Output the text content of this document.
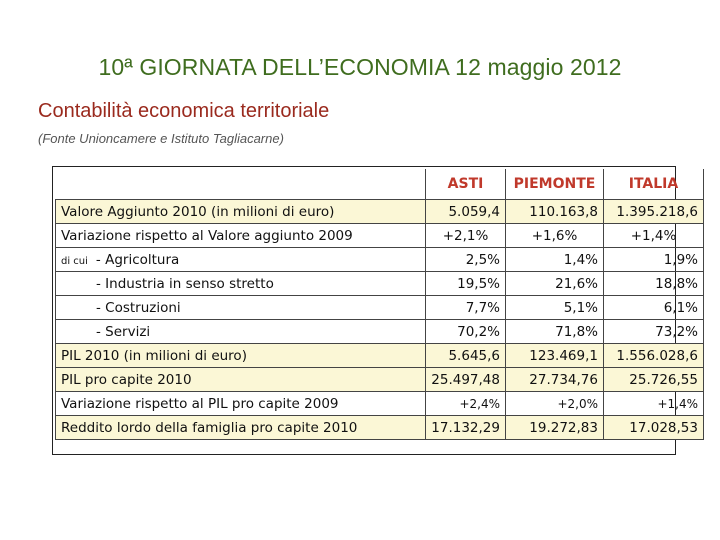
10ª GIORNATA DELL’ECONOMIA 12 maggio 2012
Contabilità economica territoriale
(Fonte Unioncamere e Istituto Tagliacarne)
	ASTI	PIEMONTE	ITALIA
Valore Aggiunto 2010 (in milioni di euro)	5.059,4	110.163,8	1.395.218,6
Variazione rispetto al Valore aggiunto 2009	+2,1%	+1,6%	+1,4%
di cui - Agricoltura	2,5%	1,4%	1,9%
- Industria in senso stretto	19,5%	21,6%	18,8%
- Costruzioni	7,7%	5,1%	6,1%
- Servizi	70,2%	71,8%	73,2%
PIL 2010 (in milioni di euro)	5.645,6	123.469,1	1.556.028,6
PIL pro capite 2010	25.497,48	27.734,76	25.726,55
Variazione rispetto al PIL pro capite 2009	+2,4%	+2,0%	+1,4%
Reddito lordo della famiglia pro capite 2010	17.132,29	19.272,83	17.028,53
